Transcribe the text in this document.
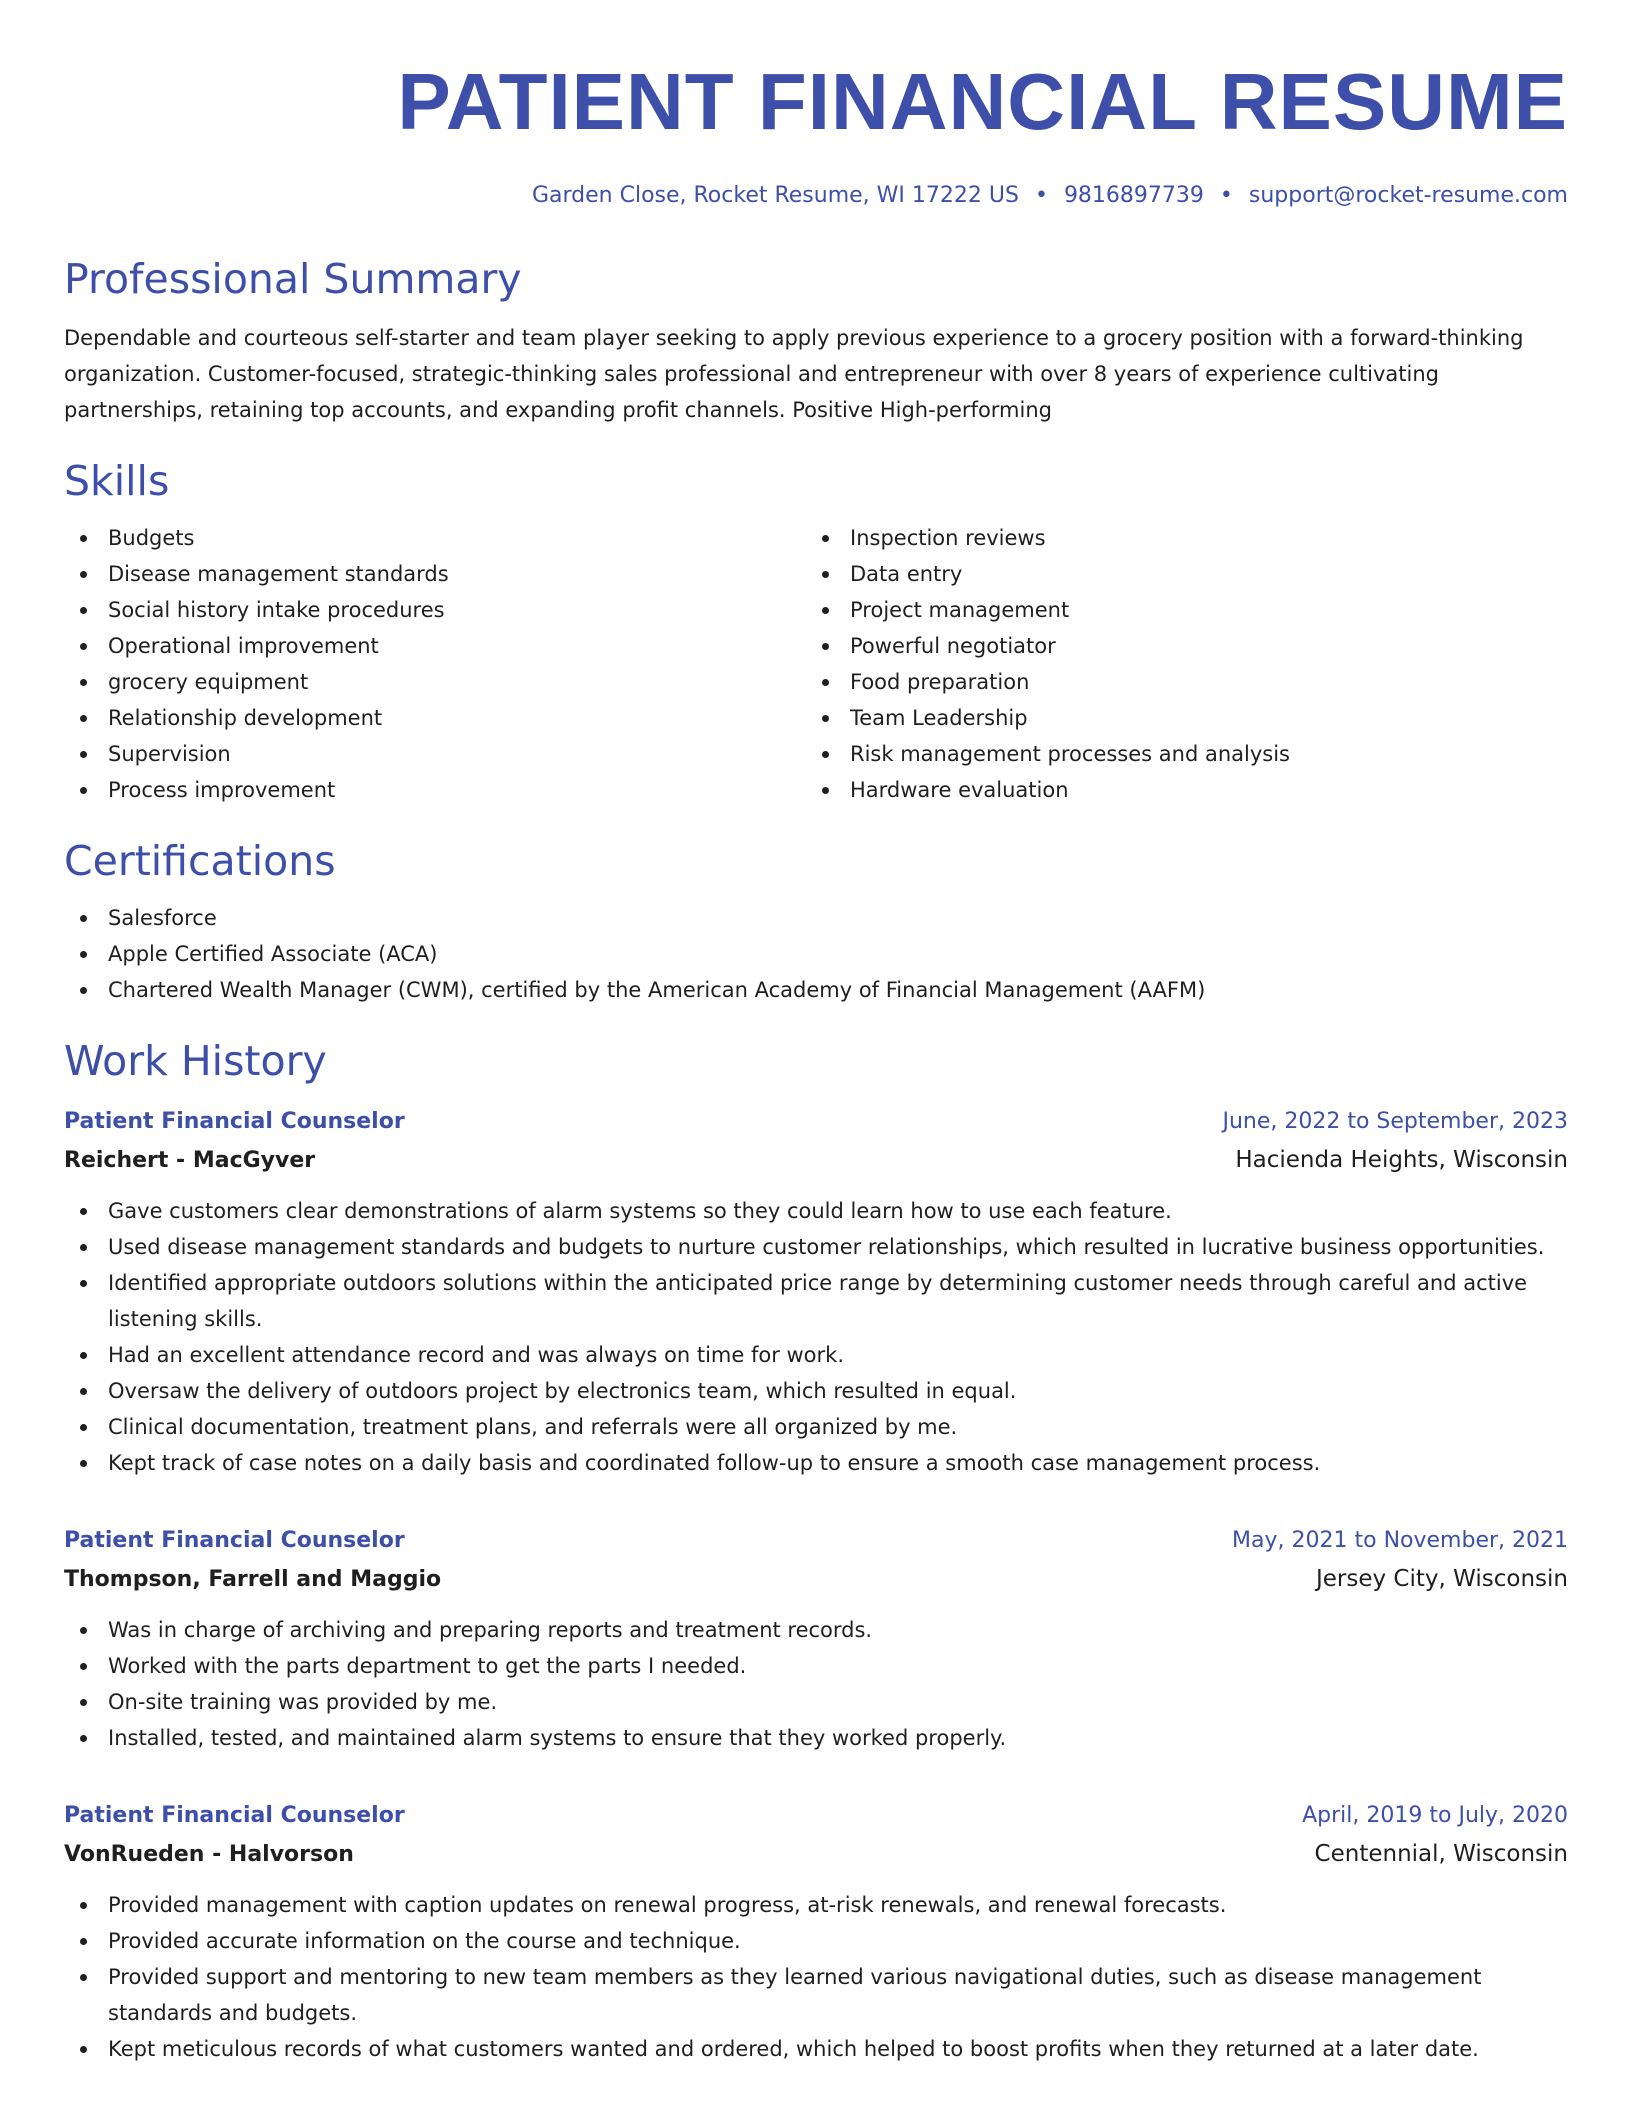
PATIENT FINANCIAL RESUME
Garden Close, Rocket Resume, WI 17222 US • 9816897739 • support@rocket-resume.com
Professional Summary

Dependable and courteous self-starter and team player seeking to apply previous experience to a grocery position with a forward-thinking organization. Customer-focused, strategic-thinking sales professional and entrepreneur with over 8 years of experience cultivating partnerships, retaining top accounts, and expanding profit channels. Positive High-performing

Skills
Budgets
Disease management standards
Social history intake procedures
Operational improvement
grocery equipment
Relationship development
Supervision
Process improvement
Inspection reviews
Data entry
Project management
Powerful negotiator
Food preparation
Team Leadership
Risk management processes and analysis
Hardware evaluation
Certifications
Salesforce
Apple Certified Associate (ACA)
Chartered Wealth Manager (CWM), certified by the American Academy of Financial Management (AAFM)
Work History
Patient Financial Counselor	June, 2022 to September, 2023
Reichert - MacGyver	Hacienda Heights, Wisconsin
Gave customers clear demonstrations of alarm systems so they could learn how to use each feature.
Used disease management standards and budgets to nurture customer relationships, which resulted in lucrative business opportunities.
Identified appropriate outdoors solutions within the anticipated price range by determining customer needs through careful and active listening skills.
Had an excellent attendance record and was always on time for work.
Oversaw the delivery of outdoors project by electronics team, which resulted in equal.
Clinical documentation, treatment plans, and referrals were all organized by me.
Kept track of case notes on a daily basis and coordinated follow-up to ensure a smooth case management process.
Patient Financial Counselor	May, 2021 to November, 2021
Thompson, Farrell and Maggio	Jersey City, Wisconsin
Was in charge of archiving and preparing reports and treatment records.
Worked with the parts department to get the parts I needed.
On-site training was provided by me.
Installed, tested, and maintained alarm systems to ensure that they worked properly.
Patient Financial Counselor	April, 2019 to July, 2020
VonRueden - Halvorson	Centennial, Wisconsin
Provided management with caption updates on renewal progress, at-risk renewals, and renewal forecasts.
Provided accurate information on the course and technique.
Provided support and mentoring to new team members as they learned various navigational duties, such as disease management standards and budgets.
Kept meticulous records of what customers wanted and ordered, which helped to boost profits when they returned at a later date.
